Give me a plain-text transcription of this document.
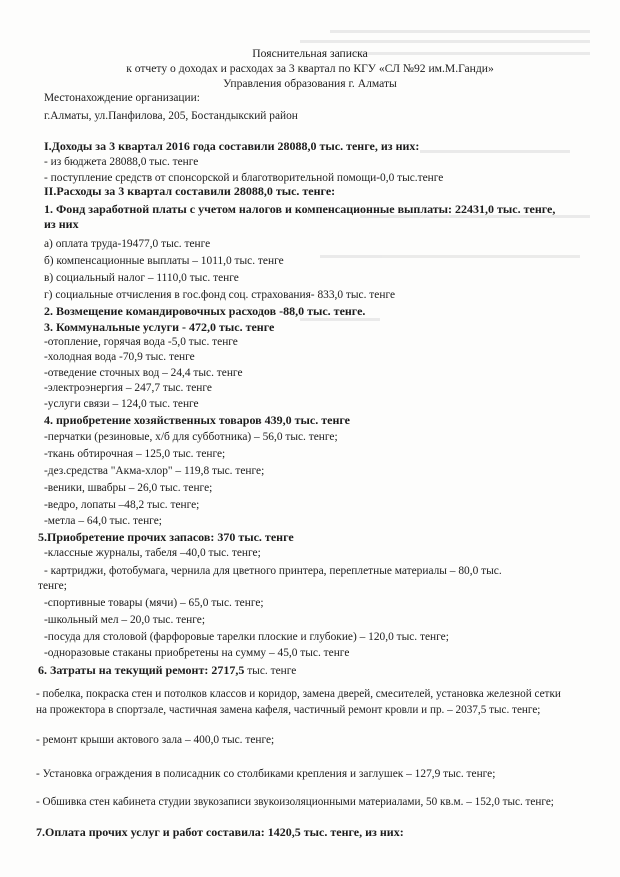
Пояснительная записка
к отчету о доходах и расходах за 3 квартал по КГУ «СЛ №92 им.М.Ганди»
Управления образования г. Алматы
Местонахождение организации:
г.Алматы, ул.Панфилова, 205, Бостандыкский район
I.Доходы за 3 квартал 2016 года составили 28088,0 тыс. тенге, из них:
- из бюджета 28088,0 тыс. тенге
- поступление средств от спонсорской и благотворительной помощи-0,0 тыс.тенге
II.Расходы за 3 квартал составили 28088,0 тыс. тенге:
1. Фонд заработной платы с учетом налогов и компенсационные выплаты: 22431,0 тыс. тенге,
из них
а) оплата труда-19477,0 тыс. тенге
б) компенсационные выплаты – 1011,0 тыс. тенге
в) социальный налог – 1110,0 тыс. тенге
г) социальные отчисления в гос.фонд соц. страхования- 833,0 тыс. тенге
2. Возмещение командировочных расходов -88,0 тыс. тенге.
3. Коммунальные услуги - 472,0 тыс. тенге
-отопление, горячая вода -5,0 тыс. тенге
-холодная вода -70,9 тыс. тенге
-отведение сточных вод – 24,4 тыс. тенге
-электроэнергия – 247,7 тыс. тенге
-услуги связи – 124,0 тыс. тенге
4. приобретение хозяйственных товаров 439,0 тыс. тенге
-перчатки (резиновые, х/б для субботника) – 56,0 тыс. тенге;
-ткань обтирочная – 125,0 тыс. тенге;
-дез.средства "Акма-хлор" – 119,8 тыс. тенге;
-веники, швабры – 26,0 тыс. тенге;
-ведро, лопаты –48,2 тыс. тенге;
-метла – 64,0 тыс. тенге;
5.Приобретение прочих запасов: 370 тыс. тенге
-классные журналы, табеля –40,0 тыс. тенге;
- картриджи, фотобумага, чернила для цветного принтера, переплетные материалы – 80,0 тыс.
тенге;
-спортивные товары (мячи) – 65,0 тыс. тенге;
-школьный мел – 20,0 тыс. тенге;
-посуда для столовой (фарфоровые тарелки плоские и глубокие) – 120,0 тыс. тенге;
-одноразовые стаканы приобретены на сумму – 45,0 тыс. тенге
6. Затраты на текущий ремонт: 2717,5 тыс. тенге
- побелка, покраска стен и потолков классов и коридор, замена дверей, смесителей, установка железной сетки на прожектора в спортзале, частичная замена кафеля, частичный ремонт кровли и пр. – 2037,5 тыс. тенге;
- ремонт крыши актового зала – 400,0 тыс. тенге;
- Установка ограждения в полисадник со столбиками крепления и заглушек – 127,9 тыс. тенге;
- Обшивка стен кабинета студии звукозаписи звукоизоляционными материалами, 50 кв.м. – 152,0 тыс. тенге;
7.Оплата прочих услуг и работ составила: 1420,5 тыс. тенге, из них:
